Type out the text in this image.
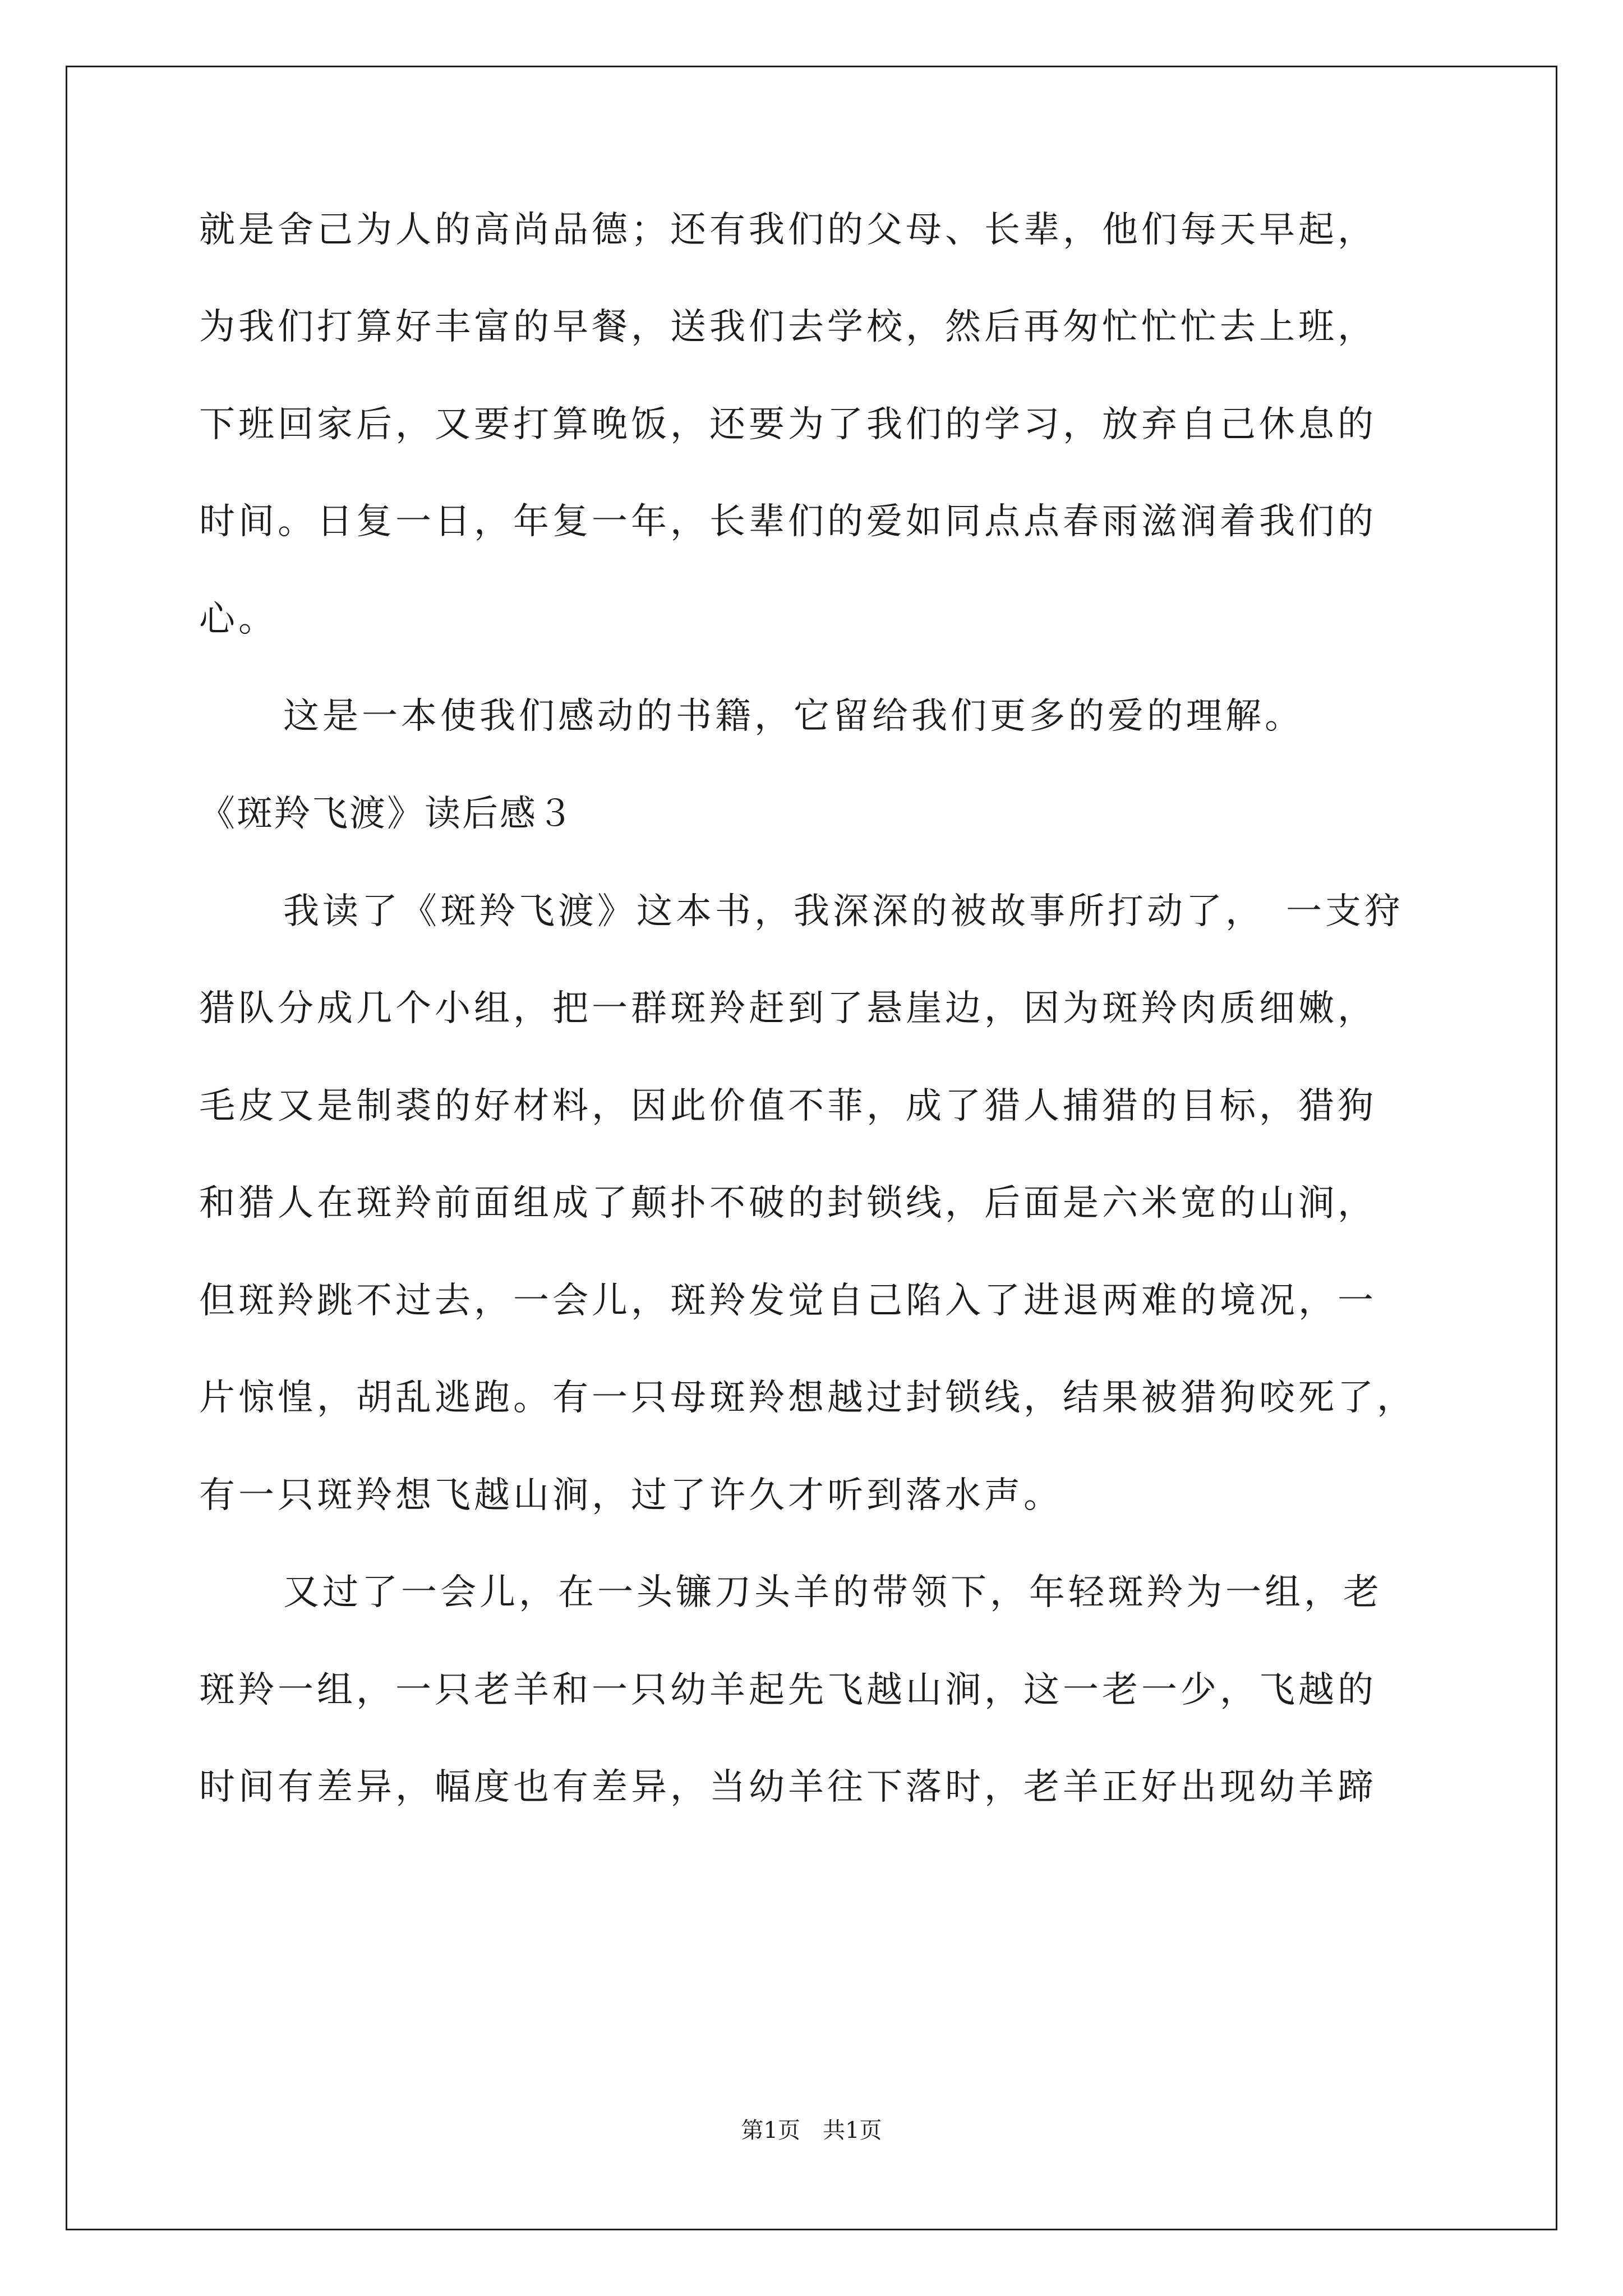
就是舍己为人的高尚品德；还有我们的父母、长辈，他们每天早起，
为我们打算好丰富的早餐，送我们去学校，然后再匆忙忙忙去上班，
下班回家后，又要打算晚饭，还要为了我们的学习，放弃自己休息的
时间。日复一日，年复一年，长辈们的爱如同点点春雨滋润着我们的
心。
这是一本使我们感动的书籍，它留给我们更多的爱的理解。
《斑羚飞渡》读后感３
我读了《斑羚飞渡》这本书，我深深的被故事所打动了，　一支狩
猎队分成几个小组，把一群斑羚赶到了悬崖边，因为斑羚肉质细嫩，
毛皮又是制裘的好材料，因此价值不菲，成了猎人捕猎的目标，猎狗
和猎人在斑羚前面组成了颠扑不破的封锁线，后面是六米宽的山涧，
但斑羚跳不过去，一会儿，斑羚发觉自己陷入了进退两难的境况，一
片惊惶，胡乱逃跑。有一只母斑羚想越过封锁线，结果被猎狗咬死了，
有一只斑羚想飞越山涧，过了许久才听到落水声。
又过了一会儿，在一头镰刀头羊的带领下，年轻斑羚为一组，老
斑羚一组，一只老羊和一只幼羊起先飞越山涧，这一老一少，飞越的
时间有差异，幅度也有差异，当幼羊往下落时，老羊正好出现幼羊蹄
第1页　共1页
